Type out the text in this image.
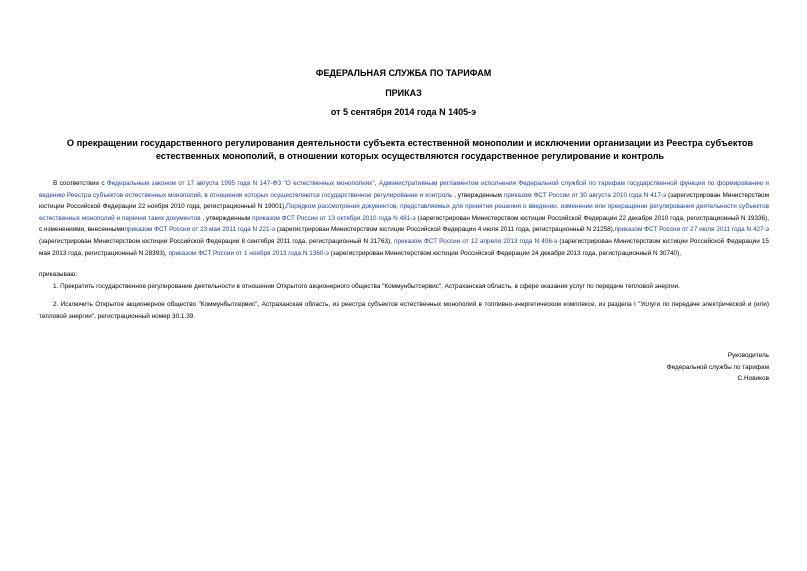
ФЕДЕРАЛЬНАЯ СЛУЖБА ПО ТАРИФАМ
ПРИКАЗ
от 5 сентября 2014 года N 1405-э
О прекращении государственного регулирования деятельности субъекта естественной монополии и исключении организации из Реестра субъектов естественных монополий, в отношении которых осуществляются государственное регулирование и контроль
В соответствии с Федеральным законом от 17 августа 1995 года N 147-ФЗ "О естественных монополиях", Административным регламентом исполнения Федеральной службой по тарифам государственной функции по формированию и ведению Реестра субъектов естественных монополий, в отношении которых осуществляются государственное регулирование и контроль , утвержденным приказом ФСТ России от 30 августа 2010 года N 417-э (зарегистрирован Министерством юстиции Российской Федерации 22 ноября 2010 года, регистрационный N 19001),Порядком рассмотрения документов, представляемых для принятия решения о введении, изменении или прекращении регулирования деятельности субъектов естественных монополий и перечня таких документов , утвержденным приказом ФСТ России от 13 октября 2010 года N 481-э (зарегистрирован Министерством юстиции Российской Федерации 22 декабря 2010 года, регистрационный N 19336), с изменениями, внесеннымиприказом ФСТ России от 23 мая 2011 года N 221-э (зарегистрирован Министерством юстиции Российской Федерации 4 июля 2011 года, регистрационный N 21258),приказом ФСТ России от 27 июля 2011 года N 427-э (зарегистрирован Министерством юстиции Российской Федерации 8 сентября 2011 года, регистрационный N 21763), приказом ФСТ России от 12 апреля 2013 года N 406-э (зарегистрирован Министерством юстиции Российской Федерации 15 мая 2013 года, регистрационный N 28393), приказом ФСТ России от 1 ноября 2013 года N 1360-э (зарегистрирован Министерством юстиции Российской Федерации 24 декабря 2013 года, регистрационный N 30740),
приказываю:
1. Прекратить государственное регулирование деятельности в отношении Открытого акционерного общества "Коммунбытсервис", Астраханская область, в сфере оказания услуг по передаче тепловой энергии.
2. Исключить Открытое акционерное общество "Коммунбытсервис", Астраханская область, из реестра субъектов естественных монополий в топливно-энергетическом комплексе, из раздела I "Услуги по передаче электрической и (или) тепловой энергии", регистрационный номер 30.1.39.
Руководитель
Федеральной службы по тарифам
С.Новиков
